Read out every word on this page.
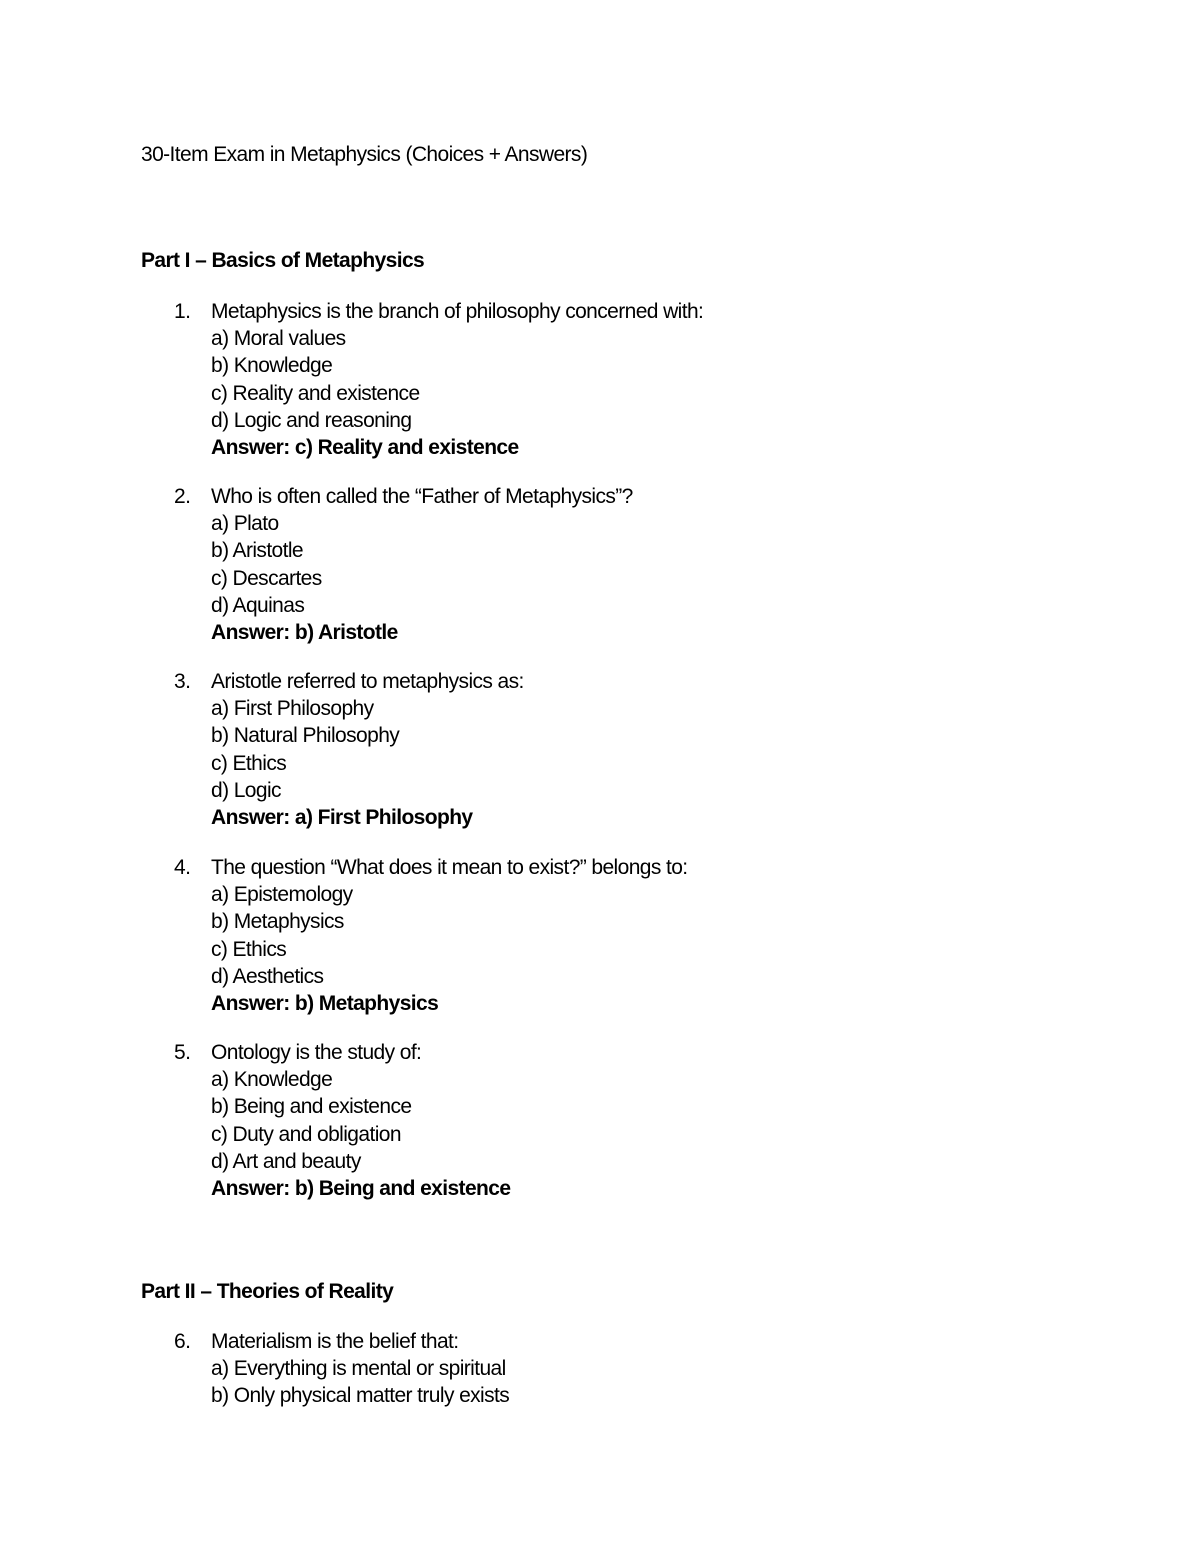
30-Item Exam in Metaphysics (Choices + Answers)
Part I – Basics of Metaphysics
1. Metaphysics is the branch of philosophy concerned with:

a) Moral values

b) Knowledge

c) Reality and existence

d) Logic and reasoning

Answer: c) Reality and existence

2. Who is often called the “Father of Metaphysics”?

a) Plato

b) Aristotle

c) Descartes

d) Aquinas

Answer: b) Aristotle

3. Aristotle referred to metaphysics as:

a) First Philosophy

b) Natural Philosophy

c) Ethics

d) Logic

Answer: a) First Philosophy

4. The question “What does it mean to exist?” belongs to:

a) Epistemology

b) Metaphysics

c) Ethics

d) Aesthetics

Answer: b) Metaphysics

5. Ontology is the study of:

a) Knowledge

b) Being and existence

c) Duty and obligation

d) Art and beauty

Answer: b) Being and existence

Part II – Theories of Reality
6. Materialism is the belief that:

a) Everything is mental or spiritual

b) Only physical matter truly exists
